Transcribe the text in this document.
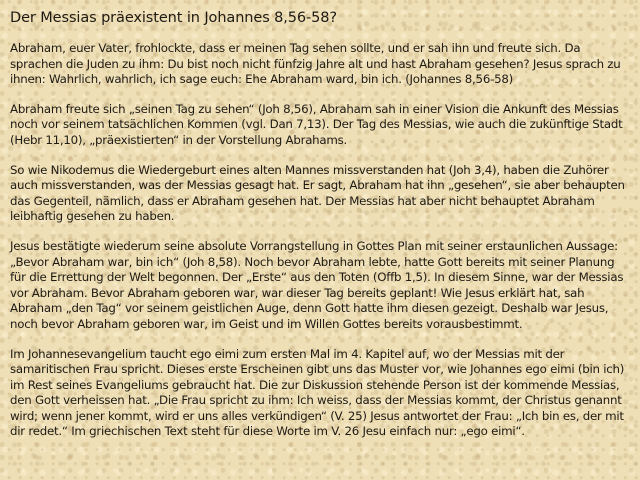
Der Messias präexistent in Johannes 8,56-58?

Abraham, euer Vater, frohlockte, dass er meinen Tag sehen sollte, und er sah ihn und freute sich. Da sprachen die Juden zu ihm: Du bist noch nicht fünfzig Jahre alt und hast Abraham gesehen? Jesus sprach zu ihnen: Wahrlich, wahrlich, ich sage euch: Ehe Abraham ward, bin ich. (Johannes 8,56-58)

Abraham freute sich „seinen Tag zu sehen“ (Joh 8,56), Abraham sah in einer Vision die Ankunft des Messias noch vor seinem tatsächlichen Kommen (vgl. Dan 7,13). Der Tag des Messias, wie auch die zukünftige Stadt (Hebr 11,10), „präexistierten“ in der Vorstellung Abrahams.

So wie Nikodemus die Wiedergeburt eines alten Mannes missverstanden hat (Joh 3,4), haben die Zuhörer auch missverstanden, was der Messias gesagt hat. Er sagt, Abraham hat ihn „gesehen“, sie aber behaupten das Gegenteil, nämlich, dass er Abraham gesehen hat. Der Messias hat aber nicht behauptet Abraham leibhaftig gesehen zu haben.

Jesus bestätigte wiederum seine absolute Vorrangstellung in Gottes Plan mit seiner erstaunlichen Aussage: „Bevor Abraham war, bin ich“ (Joh 8,58). Noch bevor Abraham lebte, hatte Gott bereits mit seiner Planung für die Errettung der Welt begonnen. Der „Erste“ aus den Toten (Offb 1,5). In diesem Sinne, war der Messias vor Abraham. Bevor Abraham geboren war, war dieser Tag bereits geplant! Wie Jesus erklärt hat, sah Abraham „den Tag“ vor seinem geistlichen Auge, denn Gott hatte ihm diesen gezeigt. Deshalb war Jesus, noch bevor Abraham geboren war, im Geist und im Willen Gottes bereits vorausbestimmt.

Im Johannesevangelium taucht ego eimi zum ersten Mal im 4. Kapitel auf, wo der Messias mit der samaritischen Frau spricht. Dieses erste Erscheinen gibt uns das Muster vor, wie Johannes ego eimi (bin ich) im Rest seines Evangeliums gebraucht hat. Die zur Diskussion stehende Person ist der kommende Messias, den Gott verheissen hat. „Die Frau spricht zu ihm: Ich weiss, dass der Messias kommt, der Christus genannt wird; wenn jener kommt, wird er uns alles verkündigen“ (V. 25) Jesus antwortet der Frau: „Ich bin es, der mit dir redet.“ Im griechischen Text steht für diese Worte im V. 26 Jesu einfach nur: „ego eimi“.
